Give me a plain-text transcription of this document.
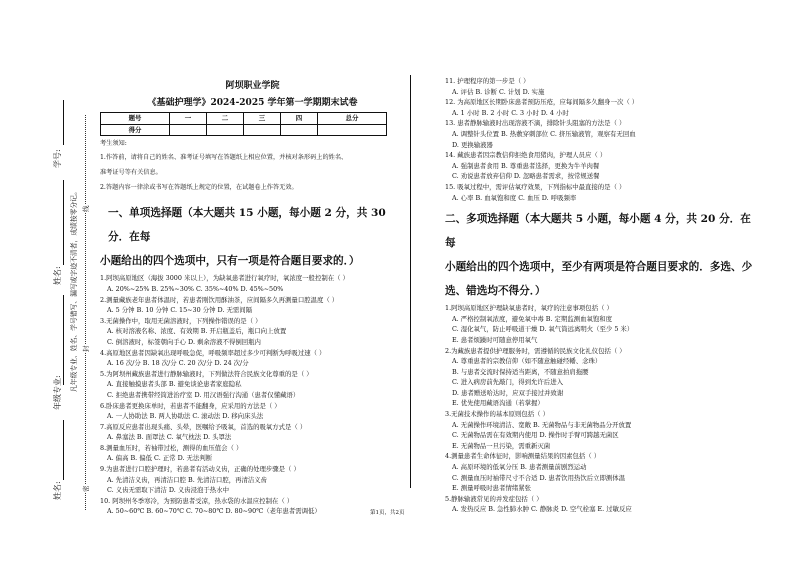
学号:
姓名:
年级专业:
姓名:
凡年级专业、姓名、学号错写、漏写或字迹不清者，成绩按零分记。 线
封
密
阿坝职业学院
《基础护理学》2024-2025 学年第一学期期末试卷
题号	一	二	三	四	总分
得分					
考生须知:
1.作答前，请将自己的姓名、准考证号填写在答题纸上相应位置，并核对条形码上的姓名、
准考证号等有关信息。
2.答题内容一律涂或书写在答题纸上规定的位置，在试题卷上作答无效。
一、单项选择题（本大题共 15 小题，每小题 2 分，共 30 分．在每
小题给出的四个选项中，只有一项是符合题目要求的．）
1.阿坝高原地区（海拔 3000 米以上），为缺氧患者进行氧疗时，氧浓度一般控制在（ ）
A. 20%~25% B. 25%~30% C. 35%~40% D. 45%~50%
2.测量藏族老年患者体温时，若患者刚饮用酥油茶，应间隔多久再测量口腔温度（ ）
A. 5 分钟 B. 10 分钟 C. 15~30 分钟 D. 无需间隔
3.无菌操作中，取用无菌溶液时，下列操作错误的是（ ）
A. 核对溶液名称、浓度、有效期 B. 开启瓶盖后，瓶口向上放置
C. 倒溶液时，标签朝向手心 D. 剩余溶液不得倒回瓶内
4.高原地区患者因缺氧出现呼吸急促，呼吸频率超过多少可判断为呼吸过速（ ）
A. 16 次/分 B. 18 次/分 C. 20 次/分 D. 24 次/分
5.为阿坝州藏族患者进行静脉输液时，下列做法符合民族文化尊重的是（ ）
A. 直接触摸患者头部 B. 避免谈论患者家庭隐私
C. 拒绝患者携带经筒进治疗室 D. 用汉语强行沟通（患者仅懂藏语）
6.卧床患者更换床单时，若患者不能翻身，应采用的方法是（ ）
A. 一人协助法 B. 两人协助法 C. 滚动法 D. 移向床头法
7.高原反应患者出现头痛、头晕，医嘱给予吸氧，首选的吸氧方式是（ ）
A. 鼻塞法 B. 面罩法 C. 氧气枕法 D. 头罩法
8.测量血压时，若袖带过松，测得的血压值会（ ）
A. 偏高 B. 偏低 C. 正常 D. 无法判断
9.为患者进行口腔护理时，若患者有活动义齿，正确的处理步骤是（ ）
A. 先清洁义齿，再清洁口腔 B. 先清洁口腔，再清洁义齿
C. 义齿无需取下清洁 D. 义齿浸泡于热水中
10. 阿坝州冬季寒冷，为预防患者受凉，热水袋的水温应控制在（ ）
A. 50~60℃ B. 60~70℃ C. 70~80℃ D. 80~90℃（老年患者需调低）
11. 护理程序的第一步是（ ）
A. 评估 B. 诊断 C. 计划 D. 实施
12. 为高原地区长期卧床患者预防压疮，应每间隔多久翻身一次（ ）
A. 1 小时 B. 2 小时 C. 3 小时 D. 4 小时
13. 患者静脉输液时出现溶液不滴，排除针头阻塞的方法是（ ）
A. 调整针头位置 B. 热敷穿刺部位 C. 挤压输液管，观察有无回血
D. 更换输液器
14. 藏族患者因宗教信仰拒绝食用猪肉，护理人员应（ ）
A. 强制患者食用 B. 尊重患者选择，更换为牛羊肉餐
C. 劝说患者放弃信仰 D. 忽略患者需求，按常规送餐
15. 吸氧过程中，需评估氧疗效果，下列指标中最直接的是（ ）
A. 心率 B. 血氧饱和度 C. 血压 D. 呼吸频率
二、多项选择题（本大题共 5 小题，每小题 4 分，共 20 分．在每
小题给出的四个选项中，至少有两项是符合题目要求的．多选、少
选、错选均不得分．）
1.阿坝高原地区护理缺氧患者时，氧疗的注意事项包括（ ）
A. 严格控制氧浓度，避免氧中毒 B. 定期监测血氧饱和度
C. 湿化氧气，防止呼吸道干燥 D. 氧气筒远离明火（至少 5 米）
E. 患者烦躁时可随意停用氧气
2.为藏族患者提供护理服务时，需遵循的民族文化礼仪包括（ ）
A. 尊重患者的宗教信仰（如不随意触碰经幡、念珠）
B. 与患者交流时保持适当距离，不随意拍肩拖腰
C. 进入病房前先敲门，得到允许后进入
D. 患者赠送哈达时，应双手接过并致谢
E. 优先使用藏语沟通（若掌握）
3.无菌技术操作的基本原则包括（ ）
A. 无菌操作环境清洁、宽敞 B. 无菌物品与非无菌物品分开放置
C. 无菌物品需在有效期内使用 D. 操作时手臂可跨越无菌区
E. 无菌物品一旦污染，需重新灭菌
4.测量患者生命体征时，影响测量结果的因素包括（ ）
A. 高原环境的低氧分压 B. 患者测量前剧烈运动
C. 测量血压时袖带尺寸不合适 D. 患者饮用热饮后立即测体温
E. 测量呼吸时患者情绪紧张
5.静脉输液常见的并发症包括（ ）
A. 发热反应 B. 急性肺水肿 C. 静脉炎 D. 空气栓塞 E. 过敏反应
第1页，共2页
